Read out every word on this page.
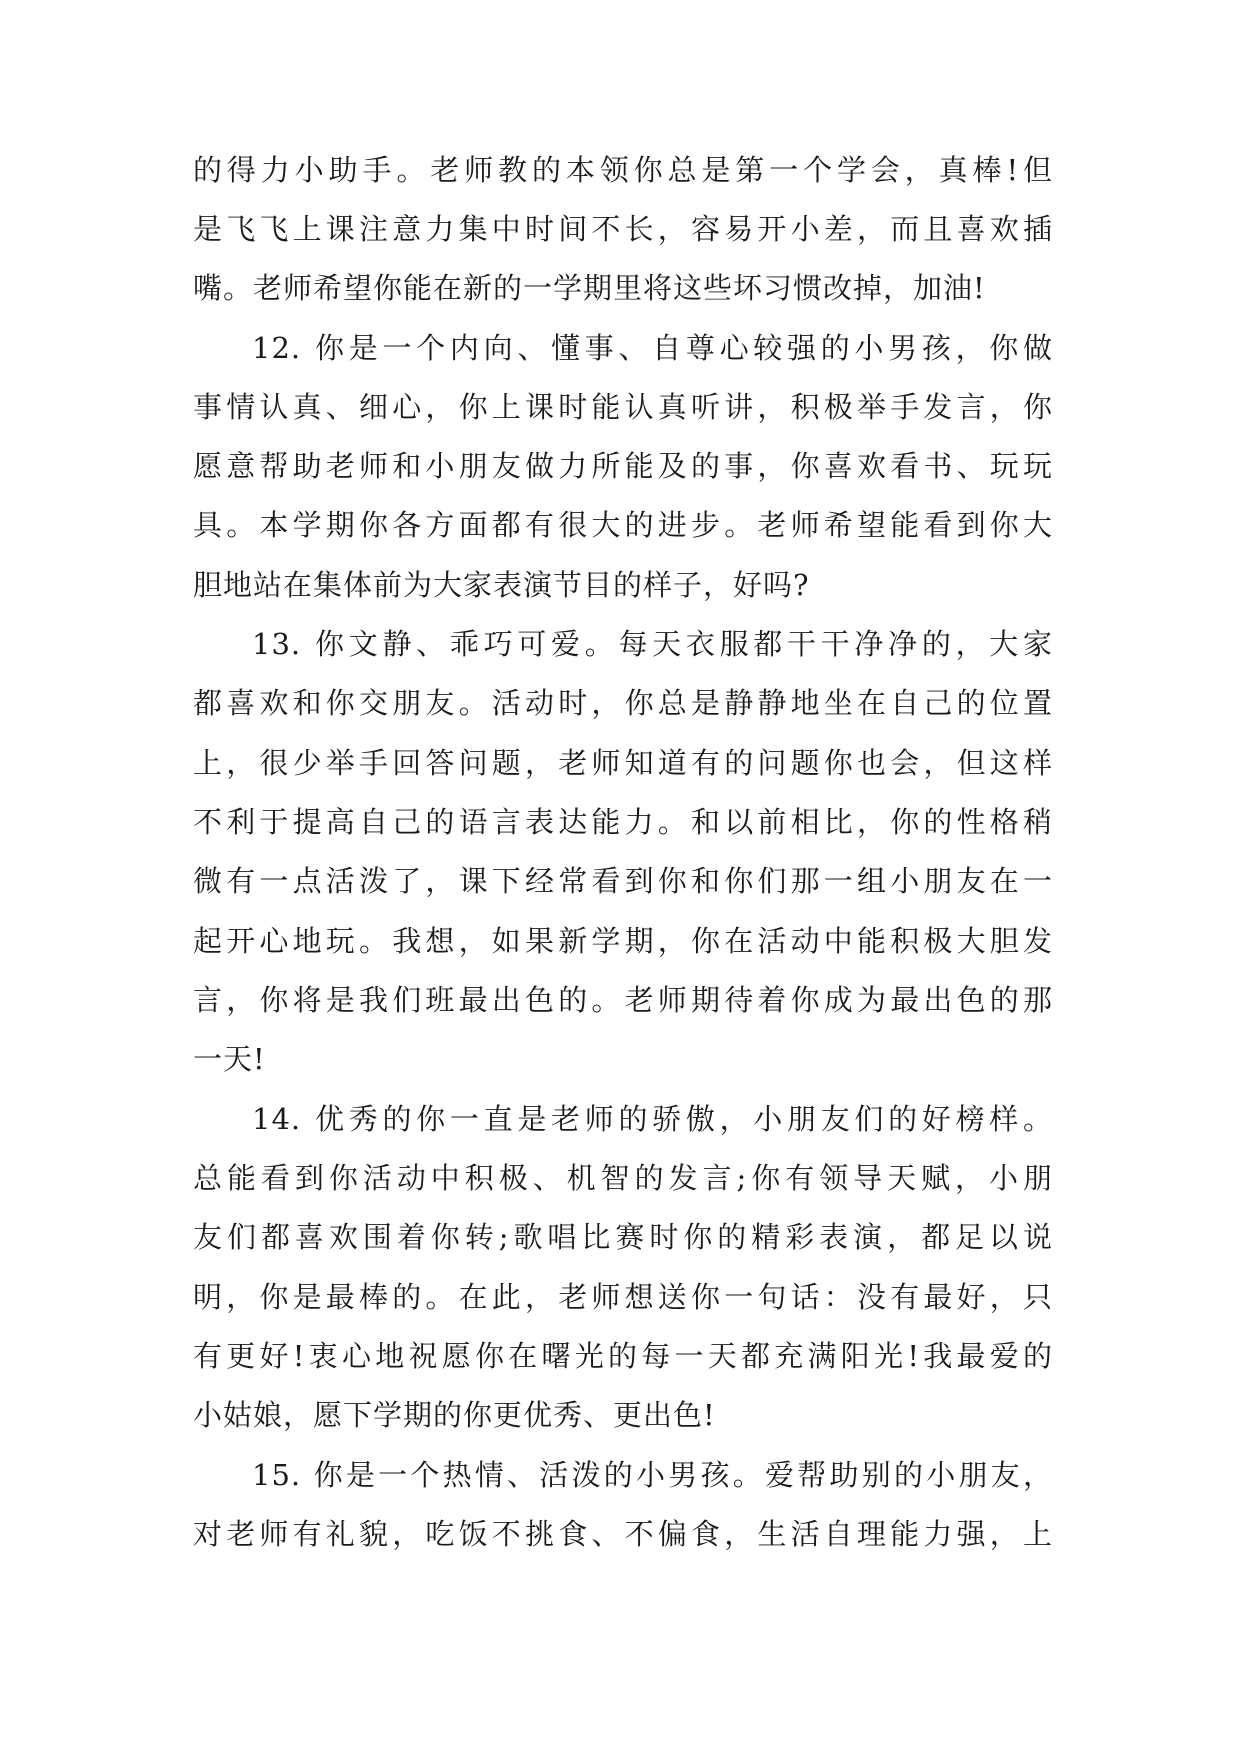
的得力小助手。老师教的本领你总是第一个学会，真棒!但
是飞飞上课注意力集中时间不长，容易开小差，而且喜欢插
嘴。老师希望你能在新的一学期里将这些坏习惯改掉，加油!
12. 你是一个内向、懂事、自尊心较强的小男孩，你做
事情认真、细心，你上课时能认真听讲，积极举手发言，你
愿意帮助老师和小朋友做力所能及的事，你喜欢看书、玩玩
具。本学期你各方面都有很大的进步。老师希望能看到你大
胆地站在集体前为大家表演节目的样子，好吗?
13. 你文静、乖巧可爱。每天衣服都干干净净的，大家
都喜欢和你交朋友。活动时，你总是静静地坐在自己的位置
上，很少举手回答问题，老师知道有的问题你也会，但这样
不利于提高自己的语言表达能力。和以前相比，你的性格稍
微有一点活泼了，课下经常看到你和你们那一组小朋友在一
起开心地玩。我想，如果新学期，你在活动中能积极大胆发
言，你将是我们班最出色的。老师期待着你成为最出色的那
一天!
14. 优秀的你一直是老师的骄傲，小朋友们的好榜样。
总能看到你活动中积极、机智的发言;你有领导天赋，小朋
友们都喜欢围着你转;歌唱比赛时你的精彩表演，都足以说
明，你是最棒的。在此，老师想送你一句话：没有最好，只
有更好!衷心地祝愿你在曙光的每一天都充满阳光!我最爱的
小姑娘，愿下学期的你更优秀、更出色!
15. 你是一个热情、活泼的小男孩。爱帮助别的小朋友，
对老师有礼貌，吃饭不挑食、不偏食，生活自理能力强，上
